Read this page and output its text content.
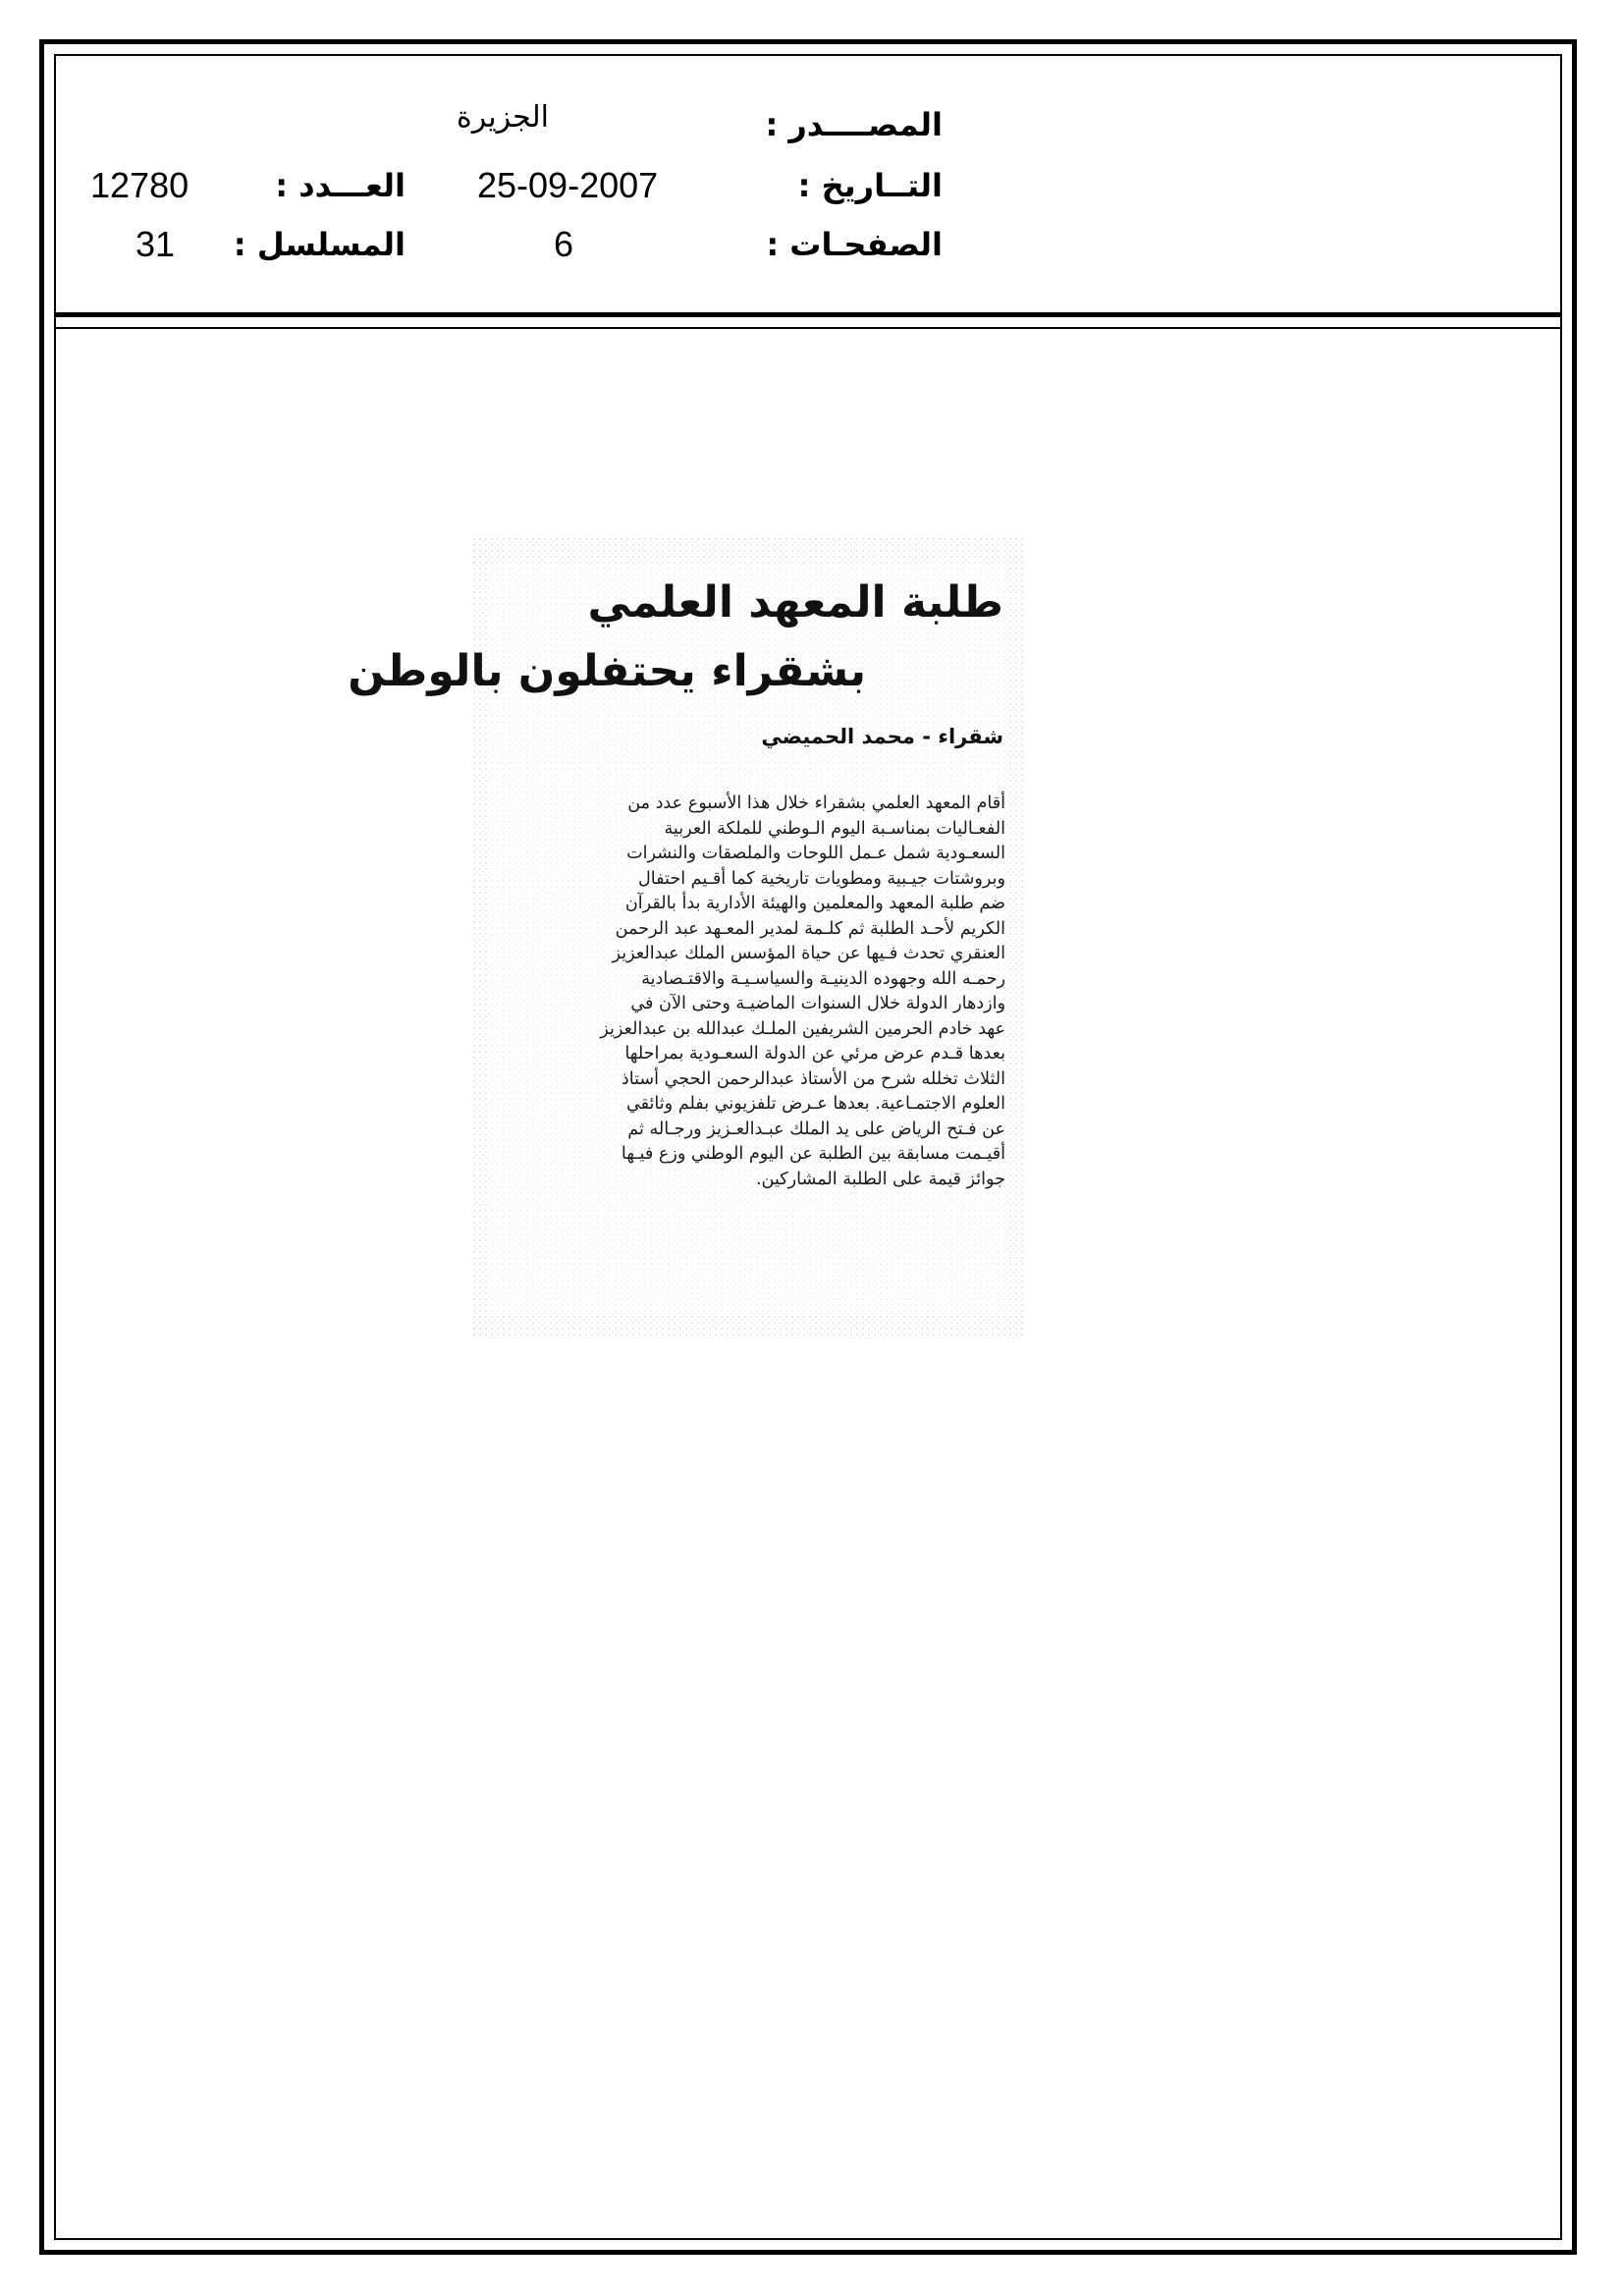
المصــــدر :
التــاريخ :
الصفحـات :
الجزيرة
25-09-2007
6
العـــدد :
المسلسل :
12780
31
طلبة المعهد العلمي
بشقراء يحتفلون بالوطن
شقراء - محمد الحميضي
أقام المعهد العلمي بشقراء خلال هذا الأسبوع عدد من
الفعـاليات بمناسـبة اليوم الـوطني للملكة العربية
السعـودية شمل عـمل اللوحات والملصقات والنشرات
وبروشتات جيـبية ومطويات تاريخية كما أقـيم احتفال
ضم طلبة المعهد والمعلمين والهيئة الأدارية بدأ بالقرآن
الكريم لأحـد الطلبة ثم كلـمة لمدير المعـهد عبد الرحمن
العنقري تحدث فـيها عن حياة المؤسس الملك عبدالعزيز
رحمـه الله وجهوده الدينيـة والسياسـيـة والاقتـصادية
وازدهار الدولة خلال السنوات الماضيـة وحتى الآن في
عهد خادم الحرمين الشريفين الملـك عبدالله بن عبدالعزيز
بعدها قـدم عرض مرئي عن الدولة السعـودية بمراحلها
الثلاث تخلله شرح من الأستاذ عبدالرحمن الحجي أستاذ
العلوم الاجتمـاعية. بعدها عـرض تلفزيوني بفلم وثائقي
عن فـتح الرياض على يد الملك عبـدالعـزيز ورجـاله ثم
أقيـمت مسابقة بين الطلبة عن اليوم الوطني وزع فيـها
جوائز قيمة على الطلبة المشاركين.
